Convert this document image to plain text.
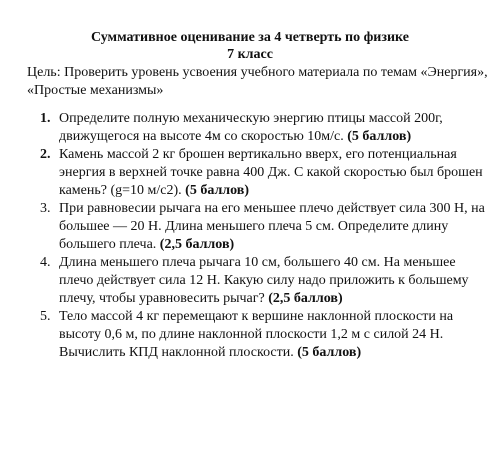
Суммативное оценивание за 4 четверть по физике
7 класс
Цель: Проверить уровень усвоения учебного материала по темам «Энергия», «Простые механизмы»
1. Определите полную механическую энергию птицы массой 200г, движущегося на высоте 4м со скоростью 10м/с. (5 баллов)
2. Камень массой 2 кг брошен вертикально вверх, его потенциальная энергия в верхней точке равна 400 Дж. С какой скоростью был брошен камень? (g=10 м/с2). (5 баллов)
3. При равновесии рычага на его меньшее плечо действует сила 300 Н, на большее — 20 Н. Длина меньшего плеча 5 см. Определите длину большего плеча. (2,5 баллов)
4. Длина меньшего плеча рычага 10 см, большего 40 см. На меньшее плечо действует сила 12 Н. Какую силу надо приложить к большему плечу, чтобы уравновесить рычаг? (2,5 баллов)
5. Тело массой 4 кг перемещают к вершине наклонной плоскости на высоту 0,6 м, по длине наклонной плоскости 1,2 м с силой 24 Н. Вычислить КПД наклонной плоскости. (5 баллов)
